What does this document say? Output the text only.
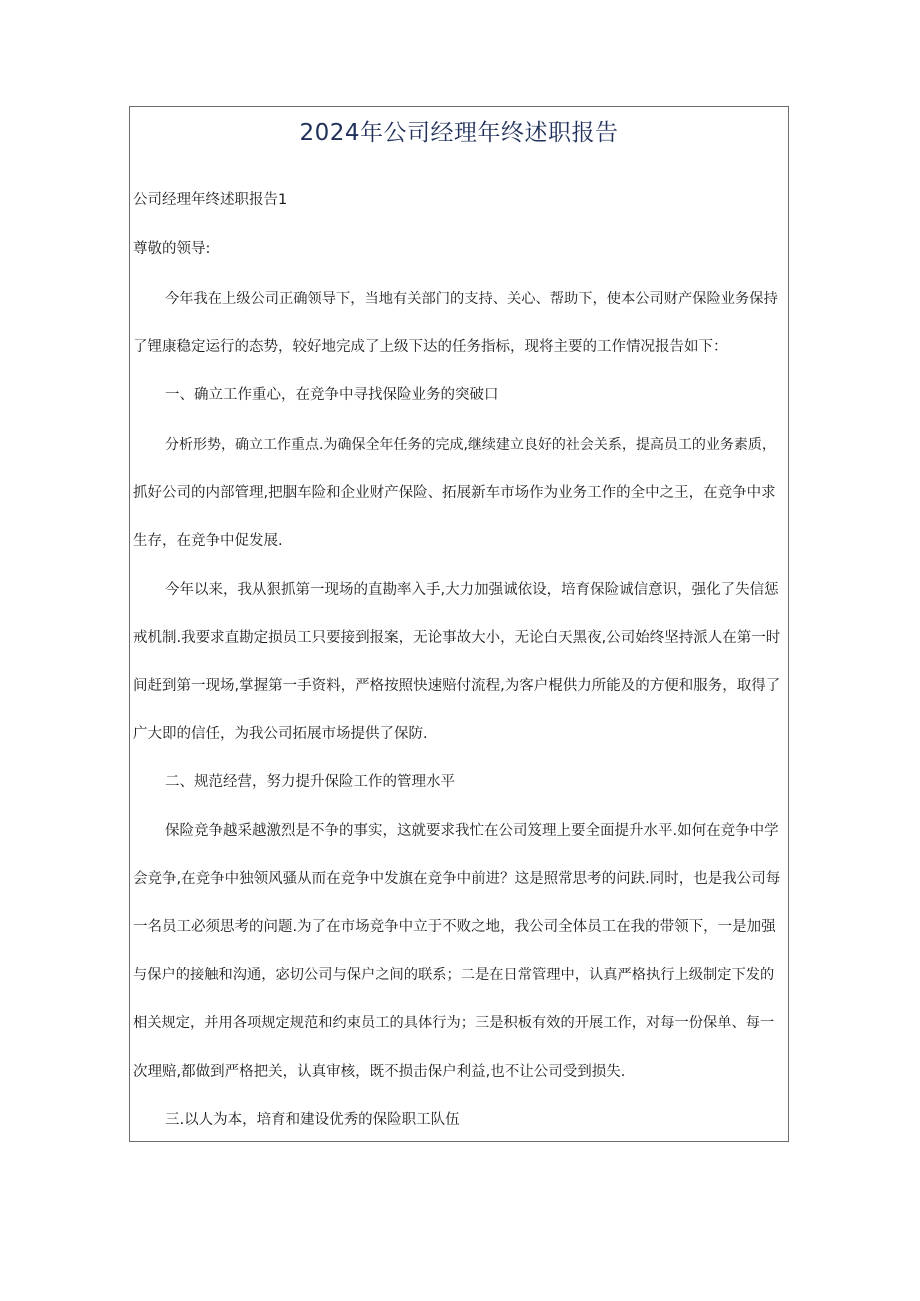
2024年公司经理年终述职报告
公司经理年终述职报告1
尊敬的领导:
今年我在上级公司正确领导下，当地有关部门的支持、关心、帮助下，使本公司财产保险业务保持
了锂康稳定运行的态势，较好地完成了上级下达的任务指标，现将主要的工作情况报告如下：
一、确立工作重心，在竞争中寻找保险业务的突破口
分析形势，确立工作重点.为确保全年任务的完成,继续建立良好的社会关系，提高员工的业务素质，
抓好公司的内部管理,把胭车险和企业财产保险、拓展新车市场作为业务工作的全中之王，在竞争中求
生存，在竞争中促发展.
今年以来，我从狠抓第一现场的直勘率入手,大力加强诚依设，培育保险诚信意识，强化了失信惩
戒机制.我要求直勘定损员工只要接到报案，无论事故大小，无论白天黑夜,公司始终坚持派人在第一时
间赶到第一现场,掌握第一手资料，严格按照快速赔付流程,为客户棍供力所能及的方便和服务，取得了
广大即的信任，为我公司拓展市场提供了保防.
二、规范经营，努力提升保险工作的管理水平
保险竞争越采越激烈是不争的事实，这就要求我忙在公司笈理上要全面提升水平.如何在竞争中学
会竞争,在竞争中独领风骚从而在竞争中发旗在竞争中前进？这是照常思考的问趺.同时，也是我公司每
一名员工必须思考的问题.为了在市场竞争中立于不败之地，我公司全体员工在我的带领下，一是加强
与保户的接触和沟通，宓切公司与保户之间的联系；二是在日常管理中，认真严格执行上级制定下发的
相关规定，并用各项规定规范和约束员工的具体行为；三是积板有效的开展工作，对每一份保单、每一
次理赔,都做到严格把关，认真审核，既不损击保户利益,也不让公司受到损失.
三.以人为本，培育和建设优秀的保险职工队伍
